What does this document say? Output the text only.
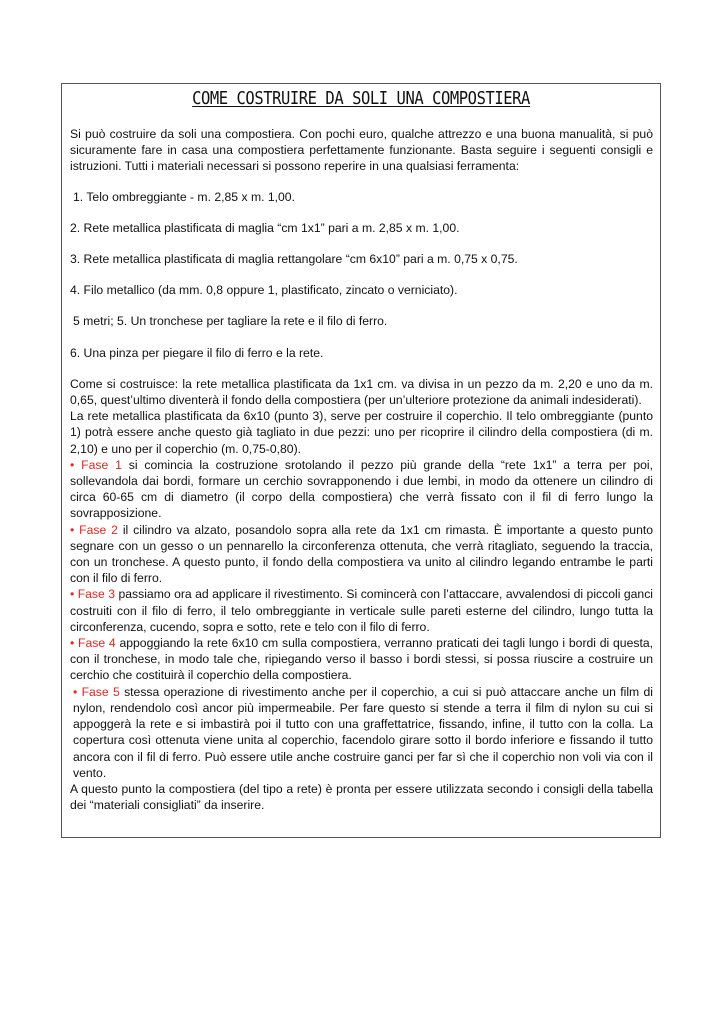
COME COSTRUIRE DA SOLI UNA COMPOSTIERA

Si può costruire da soli una compostiera. Con pochi euro, qualche attrezzo e una buona manualità, si può sicuramente fare in casa una compostiera perfettamente funzionante. Basta seguire i seguenti consigli e istruzioni. Tutti i materiali necessari si possono reperire in una qualsiasi ferramenta:

1. Telo ombreggiante - m. 2,85 x m. 1,00.

2. Rete metallica plastificata di maglia “cm 1x1” pari a m. 2,85 x m. 1,00.

3. Rete metallica plastificata di maglia rettangolare “cm 6x10” pari a m. 0,75 x 0,75.

4. Filo metallico (da mm. 0,8 oppure 1, plastificato, zincato o verniciato).

5 metri; 5. Un tronchese per tagliare la rete e il filo di ferro.

6. Una pinza per piegare il filo di ferro e la rete.

Come si costruisce: la rete metallica plastificata da 1x1 cm. va divisa in un pezzo da m. 2,20 e uno da m. 0,65, quest’ultimo diventerà il fondo della compostiera (per un’ulteriore protezione da animali indesiderati).

La rete metallica plastificata da 6x10 (punto 3), serve per costruire il coperchio. Il telo ombreggiante (punto 1) potrà essere anche questo già tagliato in due pezzi: uno per ricoprire il cilindro della compostiera (di m. 2,10) e uno per il coperchio (m. 0,75-0,80).

• Fase 1 si comincia la costruzione srotolando il pezzo più grande della “rete 1x1” a terra per poi, sollevandola dai bordi, formare un cerchio sovrapponendo i due lembi, in modo da ottenere un cilindro di circa 60-65 cm di diametro (il corpo della compostiera) che verrà fissato con il fil di ferro lungo la sovrapposizione.

• Fase 2 il cilindro va alzato, posandolo sopra alla rete da 1x1 cm rimasta. È importante a questo punto segnare con un gesso o un pennarello la circonferenza ottenuta, che verrà ritagliato, seguendo la traccia, con un tronchese. A questo punto, il fondo della compostiera va unito al cilindro legando entrambe le parti con il filo di ferro.

• Fase 3 passiamo ora ad applicare il rivestimento. Si comincerà con l’attaccare, avvalendosi di piccoli ganci costruiti con il filo di ferro, il telo ombreggiante in verticale sulle pareti esterne del cilindro, lungo tutta la circonferenza, cucendo, sopra e sotto, rete e telo con il filo di ferro.

• Fase 4 appoggiando la rete 6x10 cm sulla compostiera, verranno praticati dei tagli lungo i bordi di questa, con il tronchese, in modo tale che, ripiegando verso il basso i bordi stessi, si possa riuscire a costruire un cerchio che costituirà il coperchio della compostiera.

• Fase 5 stessa operazione di rivestimento anche per il coperchio, a cui si può attaccare anche un film di nylon, rendendolo così ancor più impermeabile. Per fare questo si stende a terra il film di nylon su cui si appoggerà la rete e si imbastirà poi il tutto con una graffettatrice, fissando, infine, il tutto con la colla. La copertura così ottenuta viene unita al coperchio, facendolo girare sotto il bordo inferiore e fissando il tutto ancora con il fil di ferro. Può essere utile anche costruire ganci per far sì che il coperchio non voli via con il vento.

A questo punto la compostiera (del tipo a rete) è pronta per essere utilizzata secondo i consigli della tabella dei “materiali consigliati” da inserire.
